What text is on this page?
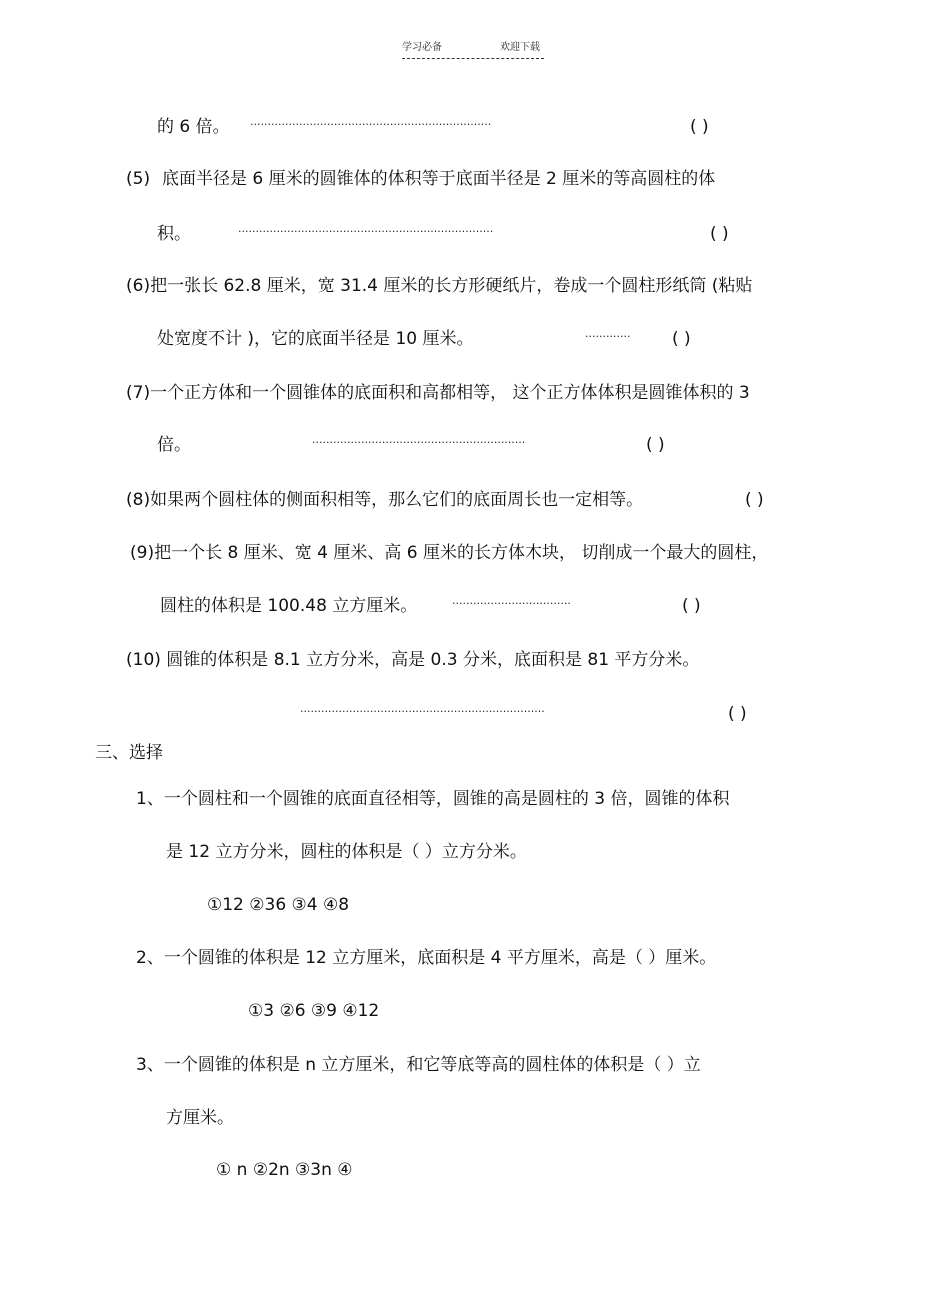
学习必备	欢迎下载
的 6 倍。 ·····································································	( )
(5) 底面半径是 6 厘米的圆锥体的体积等于底面半径是 2 厘米的等高圆柱的体
积。	·········································································	( )
(6)把一张长 62.8 厘米，宽 31.4 厘米的长方形硬纸片，卷成一个圆柱形纸筒 (粘贴
处宽度不计 )，它的底面半径是 10 厘米。	············· ( )
(7)一个正方体和一个圆锥体的底面积和高都相等， 这个正方体体积是圆锥体积的 3
倍。	·····························································	( )
(8)如果两个圆柱体的侧面积相等，那么它们的底面周长也一定相等。	( )
(9)把一个长 8 厘米、宽 4 厘米、高 6 厘米的长方体木块， 切削成一个最大的圆柱，
圆柱的体积是 100.48 立方厘米。	··································	( )
(10) 圆锥的体积是 8.1 立方分米，高是 0.3 分米，底面积是 81 平方分米。
······································································	( )
三、选择
1、一个圆柱和一个圆锥的底面直径相等，圆锥的高是圆柱的 3 倍，圆锥的体积
是 12 立方分米，圆柱的体积是（ ）立方分米。
①12 ②36 ③4 ④8
2、一个圆锥的体积是 12 立方厘米，底面积是 4 平方厘米，高是（ ）厘米。
①3 ②6 ③9 ④12
3、一个圆锥的体积是 n 立方厘米，和它等底等高的圆柱体的体积是（ ）立
方厘米。
① n ②2n ③3n ④
